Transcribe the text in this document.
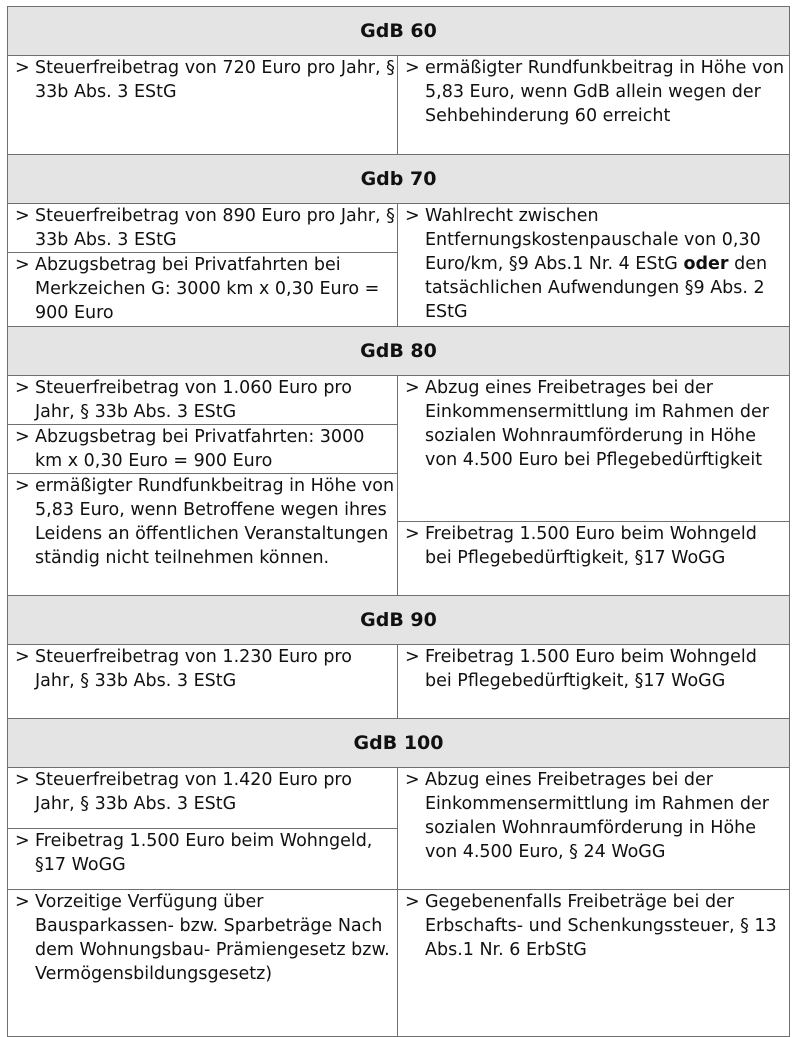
GdB 60	

> Steuerfreibetrag von 720 Euro pro Jahr, § 33b Abs. 3 EStG	> ermäßigter Rundfunkbeitrag in Höhe von 5,83 Euro, wenn GdB allein wegen der Sehbehinderung 60 erreicht

Gdb 70	

> Steuerfreibetrag von 890 Euro pro Jahr, § 33b Abs. 3 EStG	> Wahlrecht zwischen Entfernungskostenpauschale von 0,30 Euro/km, §9 Abs.1 Nr. 4 EStG oder den tatsächlichen Aufwendungen §9 Abs. 2 EStG

> Abzugsbetrag bei Privatfahrten bei Merkzeichen G: 3000 km x 0,30 Euro = 900 Euro	

GdB 80	

> Steuerfreibetrag von 1.060 Euro pro Jahr, § 33b Abs. 3 EStG	> Abzug eines Freibetrages bei der Einkommensermittlung im Rahmen der sozialen Wohnraumförderung in Höhe von 4.500 Euro bei Pflegebedürftigkeit

> Abzugsbetrag bei Privatfahrten: 3000 km x 0,30 Euro = 900 Euro	

> ermäßigter Rundfunkbeitrag in Höhe von 5,83 Euro, wenn Betroffene wegen ihres Leidens an öffentlichen Veranstaltungen ständig nicht teilnehmen können.	

	> Freibetrag 1.500 Euro beim Wohngeld bei Pflegebedürftigkeit, §17 WoGG

GdB 90	

> Steuerfreibetrag von 1.230 Euro pro Jahr, § 33b Abs. 3 EStG	> Freibetrag 1.500 Euro beim Wohngeld bei Pflegebedürftigkeit, §17 WoGG

GdB 100	

> Steuerfreibetrag von 1.420 Euro pro Jahr, § 33b Abs. 3 EStG	> Abzug eines Freibetrages bei der Einkommensermittlung im Rahmen der sozialen Wohnraumförderung in Höhe von 4.500 Euro, § 24 WoGG

> Freibetrag 1.500 Euro beim Wohngeld, §17 WoGG	

> Vorzeitige Verfügung über Bausparkassen- bzw. Sparbeträge Nach dem Wohnungsbau- Prämiengesetz bzw. Vermögensbildungsgesetz)	> Gegebenenfalls Freibeträge bei der Erbschafts- und Schenkungssteuer, § 13 Abs.1 Nr. 6 ErbStG
